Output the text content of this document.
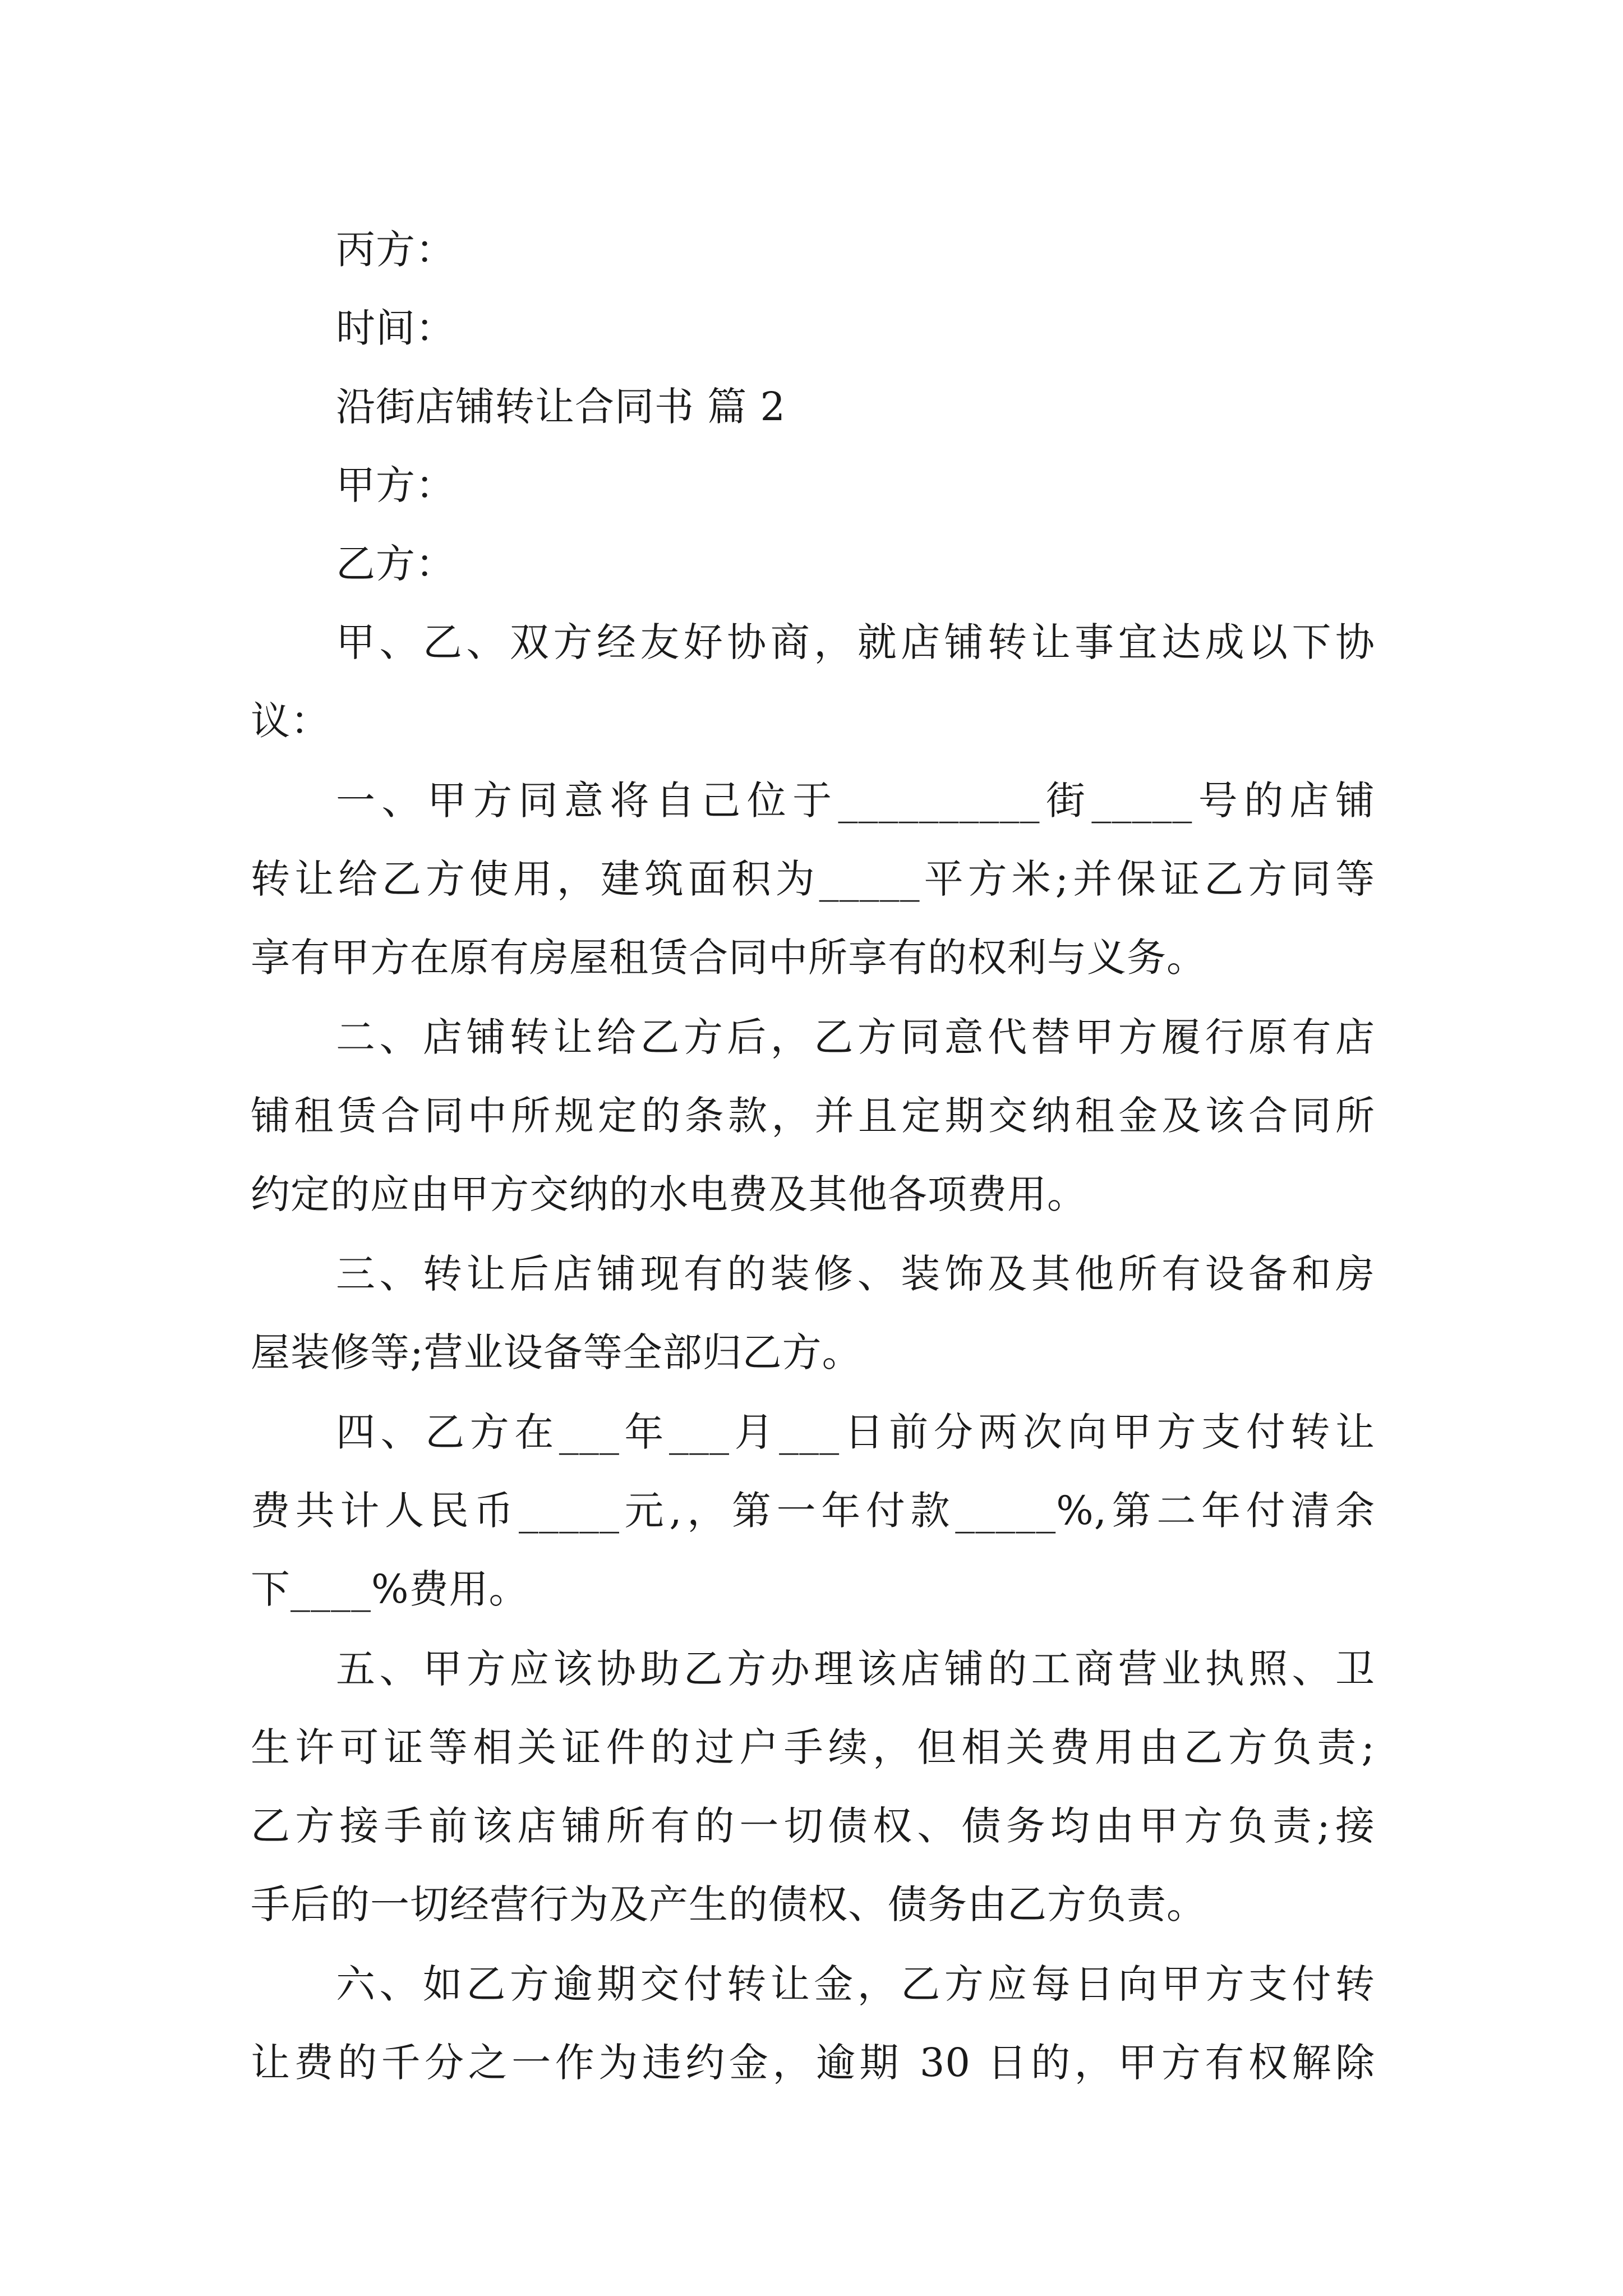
丙方：
时间：
沿街店铺转让合同书 篇 2
甲方：
乙方：
甲、乙、双方经友好协商，就店铺转让事宜达成以下协
议：
一、甲方同意将自己位于__________街_____号的店铺
转让给乙方使用，建筑面积为_____平方米;并保证乙方同等
享有甲方在原有房屋租赁合同中所享有的权利与义务。
二、店铺转让给乙方后，乙方同意代替甲方履行原有店
铺租赁合同中所规定的条款，并且定期交纳租金及该合同所
约定的应由甲方交纳的水电费及其他各项费用。
三、转让后店铺现有的装修、装饰及其他所有设备和房
屋装修等;营业设备等全部归乙方。
四、乙方在___年___月___日前分两次向甲方支付转让
费共计人民币_____元,，第一年付款_____%,第二年付清余
下____%费用。
五、甲方应该协助乙方办理该店铺的工商营业执照、卫
生许可证等相关证件的过户手续，但相关费用由乙方负责;
乙方接手前该店铺所有的一切债权、债务均由甲方负责;接
手后的一切经营行为及产生的债权、债务由乙方负责。
六、如乙方逾期交付转让金，乙方应每日向甲方支付转
让费的千分之一作为违约金，逾期 30 日的，甲方有权解除
